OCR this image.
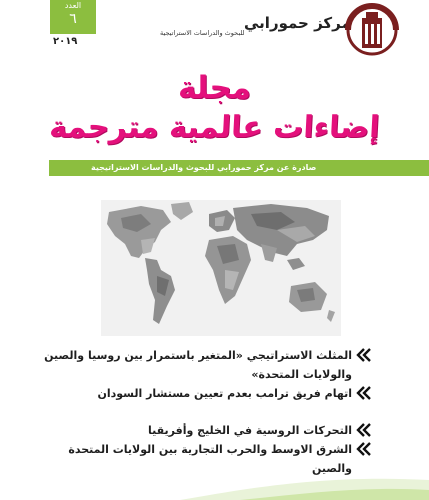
العدد
٦
٢٠١٩
مركز حمورابي
للبحوث والدراسات الاستراتيجية
مجلة
إضاءات عالمية مترجمة
صادرة عن مركز حمورابي للبحوث والدراسات الاستراتيجية
المثلث الاستراتيجي «المتغير باستمرار بين روسيا والصين والولايات المتحدة»
اتهام فريق ترامب بعدم تعيين مستشار السودان
التحركات الروسية في الخليج وأفريقيا
الشرق الاوسط والحرب التجارية بين الولايات المتحدة والصين
